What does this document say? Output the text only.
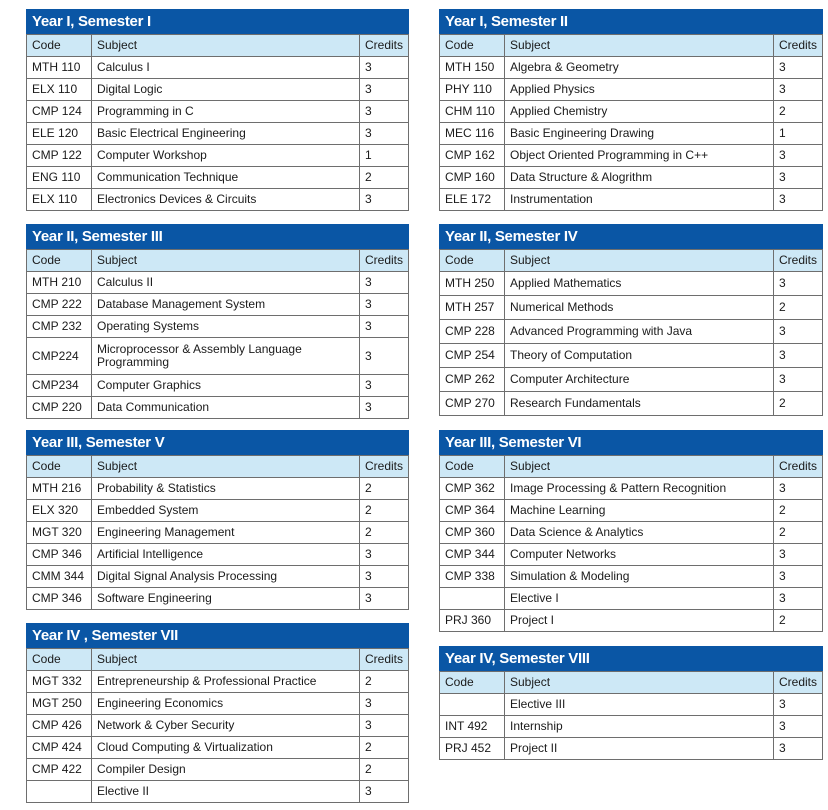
Year I, Semester I
Code	Subject	Credits

MTH 110	Calculus I	3

ELX 110	Digital Logic	3

CMP 124	Programming in C	3

ELE 120	Basic Electrical Engineering	3

CMP 122	Computer Workshop	1

ENG 110	Communication Technique	2

ELX 110	Electronics Devices & Circuits	3
Year I, Semester II
Code	Subject	Credits

MTH 150	Algebra & Geometry	3

PHY 110	Applied Physics	3

CHM 110	Applied Chemistry	2

MEC 116	Basic Engineering Drawing	1

CMP 162	Object Oriented Programming in C++	3

CMP 160	Data Structure & Alogrithm	3

ELE 172	Instrumentation	3
Year II, Semester III
Code	Subject	Credits

MTH 210	Calculus II	3

CMP 222	Database Management System	3

CMP 232	Operating Systems	3

CMP224	Microprocessor & Assembly Language Programming	3

CMP234	Computer Graphics	3

CMP 220	Data Communication	3
Year II, Semester IV
Code	Subject	Credits

MTH 250	Applied Mathematics	3

MTH 257	Numerical Methods	2

CMP 228	Advanced Programming with Java	3

CMP 254	Theory of Computation	3

CMP 262	Computer Architecture	3

CMP 270	Research Fundamentals	2
Year III, Semester V
Code	Subject	Credits

MTH 216	Probability & Statistics	2

ELX 320	Embedded System	2

MGT 320	Engineering Management	2

CMP 346	Artificial Intelligence	3

CMM 344	Digital Signal Analysis Processing	3

CMP 346	Software Engineering	3
Year III, Semester VI
Code	Subject	Credits

CMP 362	Image Processing & Pattern Recognition	3

CMP 364	Machine Learning	2

CMP 360	Data Science & Analytics	2

CMP 344	Computer Networks	3

CMP 338	Simulation & Modeling	3

	Elective I	3

PRJ 360	Project I	2
Year IV , Semester VII
Code	Subject	Credits

MGT 332	Entrepreneurship & Professional Practice	2

MGT 250	Engineering Economics	3

CMP 426	Network & Cyber Security	3

CMP 424	Cloud Computing & Virtualization	2

CMP 422	Compiler Design	2

	Elective II	3
Year IV, Semester VIII
Code	Subject	Credits

	Elective III	3

INT 492	Internship	3

PRJ 452	Project II	3
